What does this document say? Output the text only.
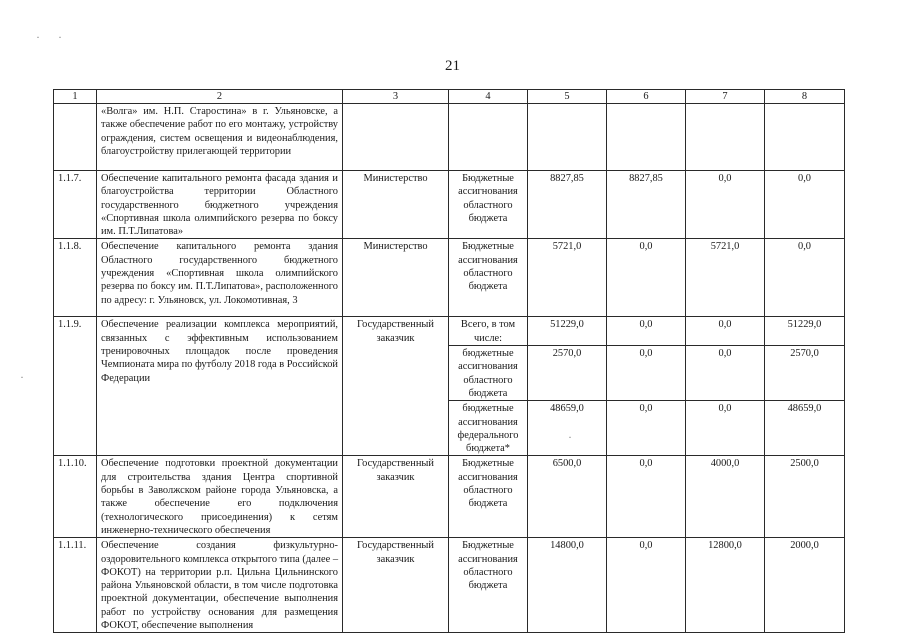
21
1	2	3	4	5	6	7	8
	«Волга» им. Н.П. Старостина» в г. Ульяновске, а также обеспечение работ по его монтажу, устройству ограждения, систем освещения и видеонаблюдения, благоустройству прилегающей территории						
1.1.7.	Обеспечение капитального ремонта фасада здания и благоустройства территории Областного государственного бюджетного учреждения «Спортивная школа олимпийского резерва по боксу им. П.Т.Липатова»	Министерство	Бюджетные ассигнования областного бюджета	8827,85	8827,85	0,0	0,0
1.1.8.	Обеспечение капитального ремонта здания Областного государственного бюджетного учреждения «Спортивная школа олимпийского резерва по боксу им. П.Т.Липатова», расположенного по адресу: г. Ульяновск, ул. Локомотивная, 3	Министерство	Бюджетные ассигнования областного бюджета	5721,0	0,0	5721,0	0,0
1.1.9.	Обеспечение реализации комплекса мероприятий, связанных с эффективным использованием тренировочных площадок после проведения Чемпионата мира по футболу 2018 года в Российской Федерации	Государственный заказчик	Всего, в том числе:	51229,0	0,0	0,0	51229,0
			бюджетные ассигнования областного бюджета	2570,0	0,0	0,0	2570,0
			бюджетные ассигнования федерального бюджета*	48659,0	0,0	0,0	48659,0
1.1.10.	Обеспечение подготовки проектной документации для строительства здания Центра спортивной борьбы в Заволжском районе города Ульяновска, а также обеспечение его подключения (технологического присоединения) к сетям инженерно-технического обеспечения	Государственный заказчик	Бюджетные ассигнования областного бюджета	6500,0	0,0	4000,0	2500,0
1.1.11.	Обеспечение создания физкультурно-оздоровительного комплекса открытого типа (далее – ФОКОТ) на территории р.п. Цильна Цильнинского района Ульяновской области, в том числе подготовка проектной документации, обеспечение выполнения работ по устройству основания для размещения ФОКОТ, обеспечение выполнения	Государственный заказчик	Бюджетные ассигнования областного бюджета	14800,0	0,0	12800,0	2000,0
· ·
·
·
